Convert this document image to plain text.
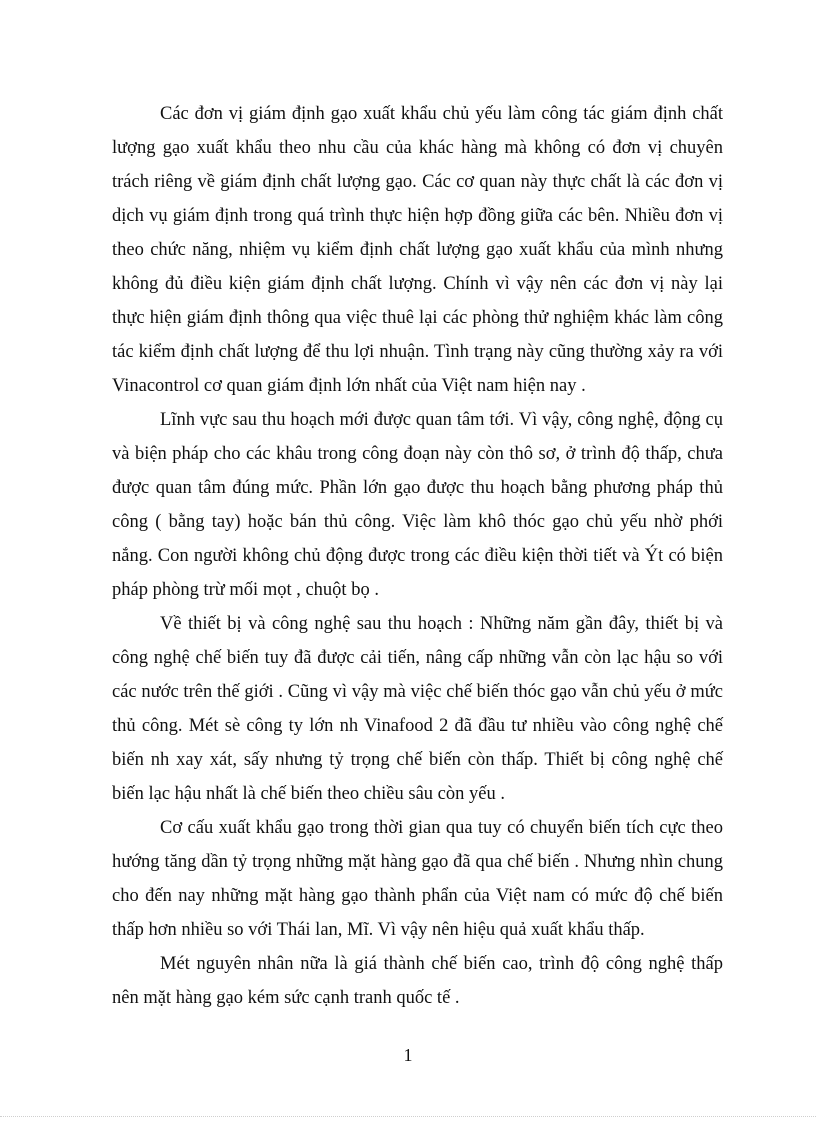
Các đơn vị giám định gạo xuất khẩu chủ yếu làm công tác giám định chất lượng gạo xuất khẩu theo nhu cầu của khác hàng mà không có đơn vị chuyên trách riêng về giám định chất lượng gạo. Các cơ quan này thực chất là các đơn vị dịch vụ giám định trong quá trình thực hiện hợp đồng giữa các bên. Nhiều đơn vị theo chức năng, nhiệm vụ kiểm định chất lượng gạo xuất khẩu của mình nhưng không đủ điều kiện giám định chất lượng. Chính vì vậy nên các đơn vị này lại thực hiện giám định thông qua việc thuê lại các phòng thử nghiệm khác làm công tác kiểm định chất lượng để thu lợi nhuận. Tình trạng này cũng thường xảy ra với Vinacontrol cơ quan giám định lớn nhất của Việt nam hiện nay .

Lĩnh vực sau thu hoạch mới được quan tâm tới. Vì vậy, công nghệ, động cụ và biện pháp cho các khâu trong công đoạn này còn thô sơ, ở trình độ thấp, chưa được quan tâm đúng mức. Phần lớn gạo được thu hoạch bằng phương pháp thủ công ( bằng tay) hoặc bán thủ công. Việc làm khô thóc gạo chủ yếu nhờ phới nắng. Con người không chủ động được trong các điều kiện thời tiết và Ýt có biện pháp phòng trừ mối mọt , chuột bọ .

Về thiết bị và công nghệ sau thu hoạch : Những năm gần đây, thiết bị và công nghệ chế biến tuy đã được cải tiến, nâng cấp những vẫn còn lạc hậu so với các nước trên thế giới . Cũng vì vậy mà việc chế biến thóc gạo vẫn chủ yếu ở mức thủ công. Mét sè công ty lớn nh Vinafood 2 đã đầu tư nhiều vào công nghệ chế biến nh xay xát, sấy nhưng tỷ trọng chế biến còn thấp. Thiết bị công nghệ chế biến lạc hậu nhất là chế biến theo chiều sâu còn yếu .

Cơ cấu xuất khẩu gạo trong thời gian qua tuy có chuyển biến tích cực theo hướng tăng dần tỷ trọng những mặt hàng gạo đã qua chế biến . Nhưng nhìn chung cho đến nay những mặt hàng gạo thành phẩn của Việt nam có mức độ chế biến thấp hơn nhiều so với Thái lan, Mĩ. Vì vậy nên hiệu quả xuất khẩu thấp.

Mét nguyên nhân nữa là giá thành chế biến cao, trình độ công nghệ thấp nên mặt hàng gạo kém sức cạnh tranh quốc tế .

1
